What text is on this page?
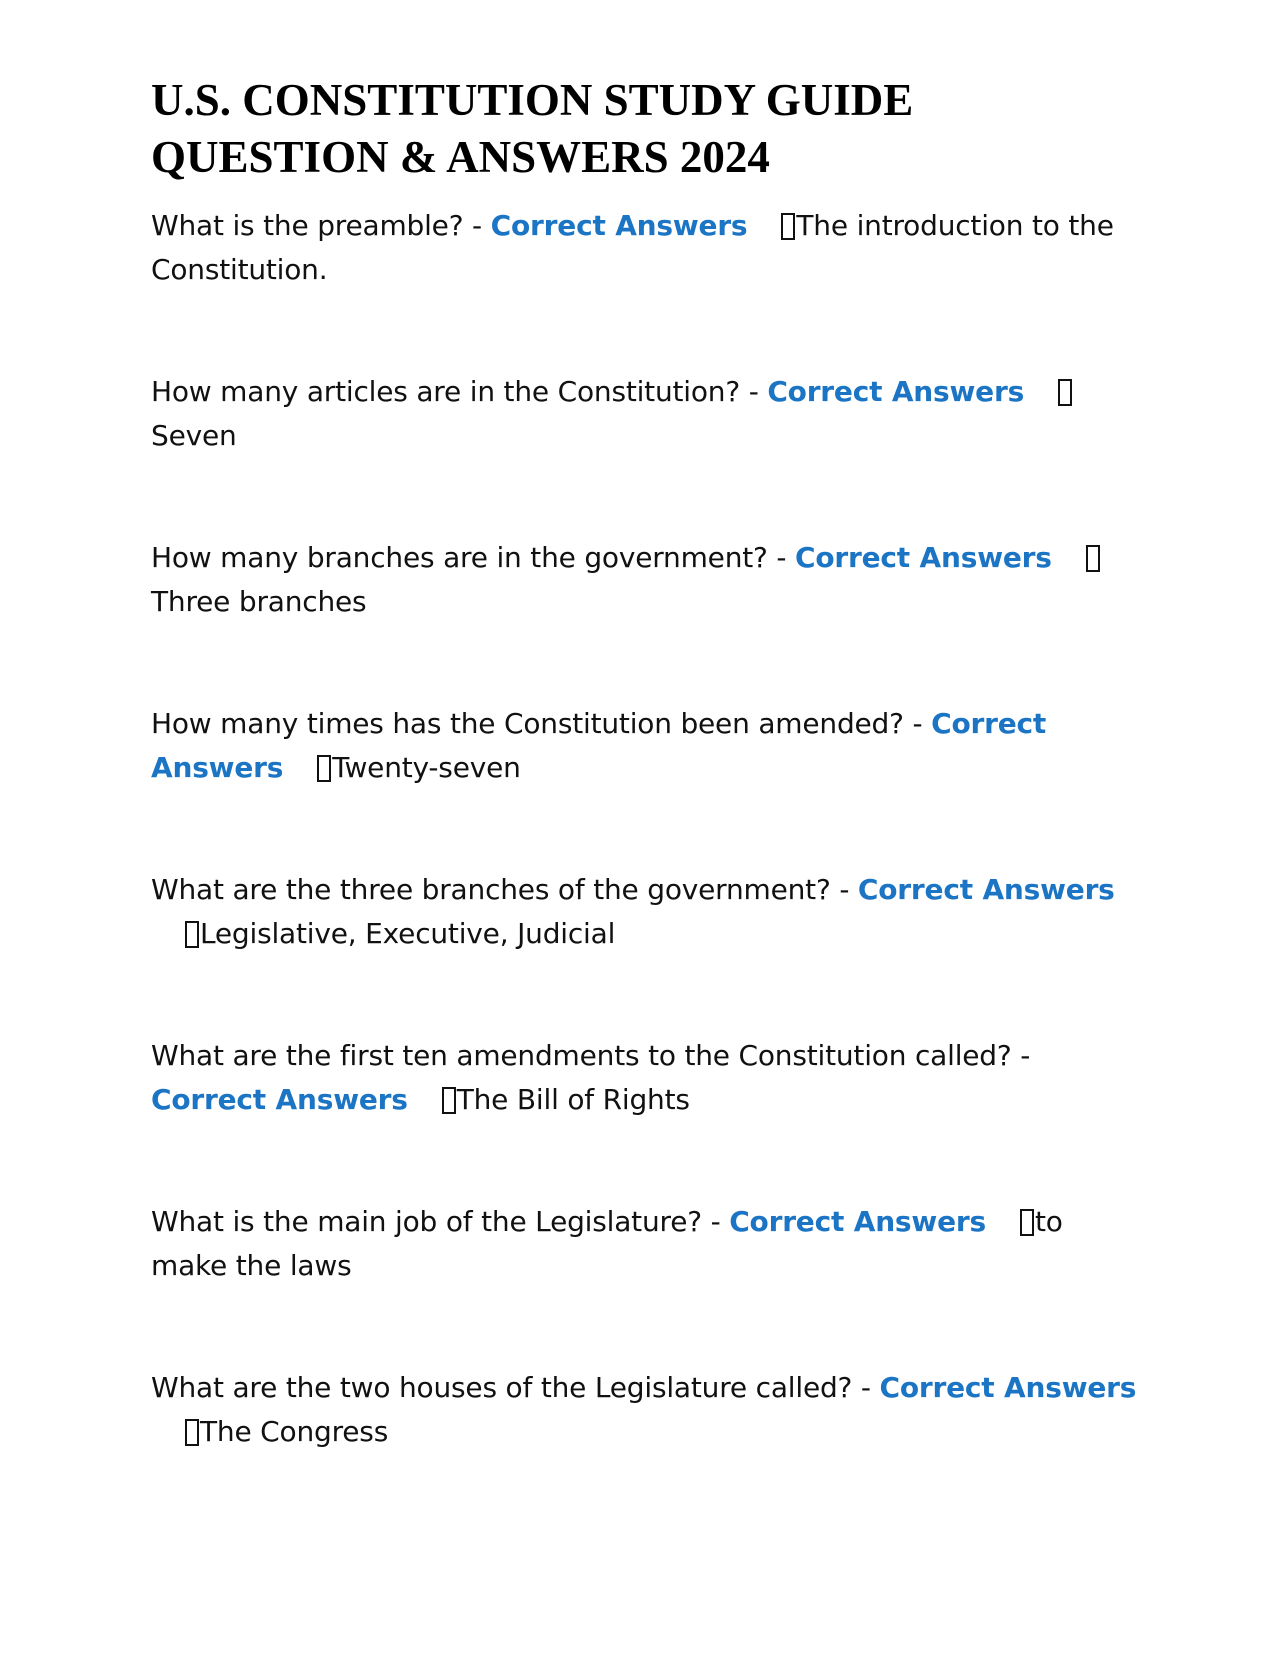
U.S. CONSTITUTION STUDY GUIDE
QUESTION & ANSWERS 2024

What is the preamble? - Correct Answers The introduction to the Constitution.

How many articles are in the Constitution? - Correct AnswersSeven

How many branches are in the government? - Correct AnswersThree branches

How many times has the Constitution been amended? - Correct Answers Twenty-seven

What are the three branches of the government? - Correct AnswersLegislative, Executive, Judicial

What are the first ten amendments to the Constitution called? - Correct Answers The Bill of Rights

What is the main job of the Legislature? - Correct Answers to make the laws

What are the two houses of the Legislature called? - Correct AnswersThe Congress
